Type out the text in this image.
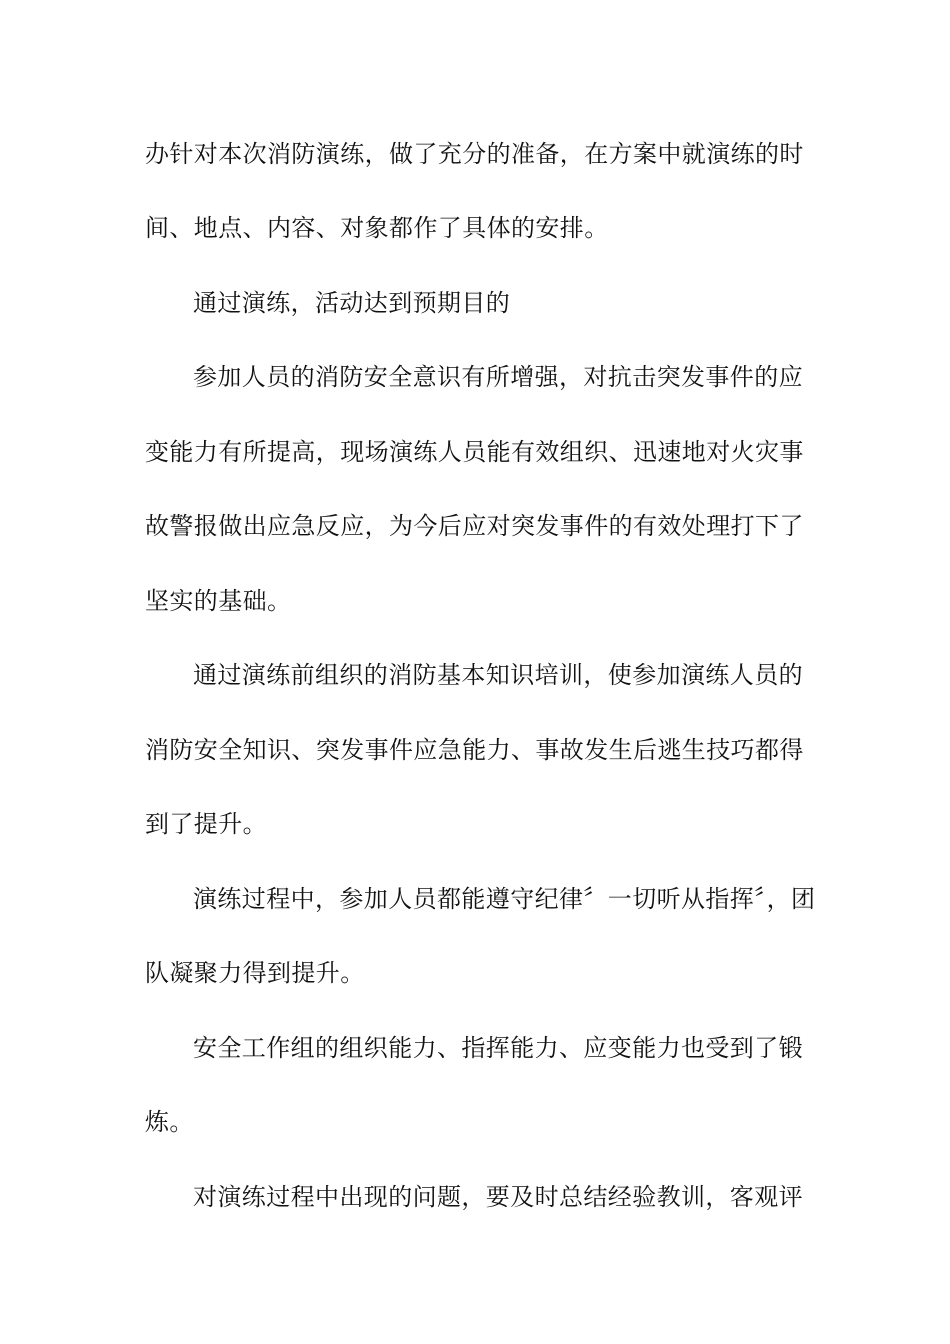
办针对本次消防演练，做了充分的准备，在方案中就演练的时
间、地点、内容、对象都作了具体的安排。
通过演练，活动达到预期目的
参加人员的消防安全意识有所增强，对抗击突发事件的应
变能力有所提高，现场演练人员能有效组织、迅速地对火灾事
故警报做出应急反应，为今后应对突发事件的有效处理打下了
坚实的基础。
通过演练前组织的消防基本知识培训，使参加演练人员的
消防安全知识、突发事件应急能力、事故发生后逃生技巧都得
到了提升。
演练过程中，参加人员都能遵守纪律〞一切听从指挥〞，团
队凝聚力得到提升。
安全工作组的组织能力、指挥能力、应变能力也受到了锻
炼。
对演练过程中出现的问题，要及时总结经验教训，客观评
